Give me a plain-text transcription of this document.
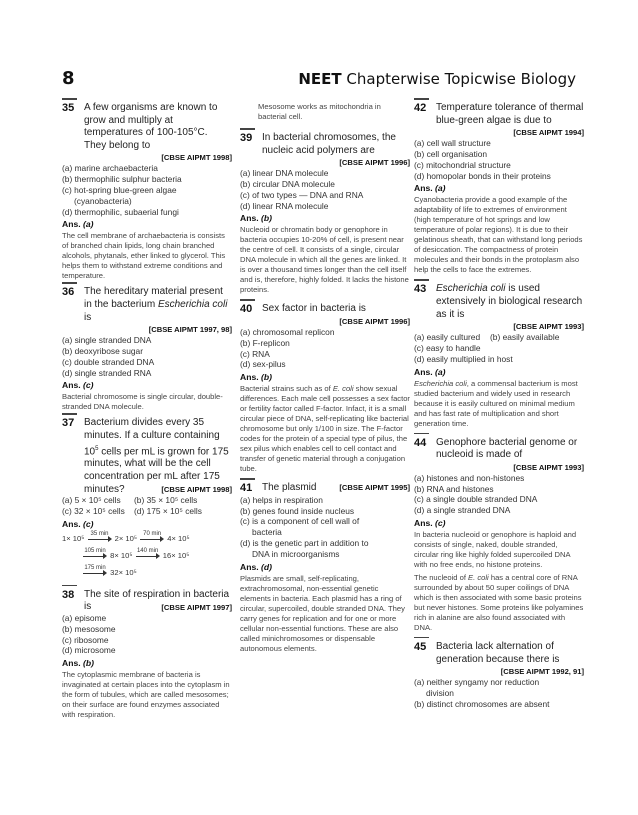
8	NEET Chapterwise Topicwise Biology
35 A few organisms are known to grow and multiply at temperatures of 100-105°C. They belong to
[CBSE AIPMT 1998]
(a) marine archaebacteria
(b) thermophilic sulphur bacteria
(c) hot-spring blue-green algae
(cyanobacteria)
(d) thermophilic, subaerial fungi
Ans. (a)
The cell membrane of archaebacteria is consists of branched chain lipids, long chain branched alcohols, phytanals, ether linked to glycerol. This helps them to withstand extreme conditions and temperature.
36 The hereditary material present in the bacterium Escherichia coli is
[CBSE AIPMT 1997, 98]
(a) single stranded DNA
(b) deoxyribose sugar
(c) double stranded DNA
(d) single stranded RNA
Ans. (c)
Bacterial chromosome is single circular, double-stranded DNA molecule.
37 Bacterium divides every 35 minutes. If a culture containing $10^5$ cells per mL is grown for 175 minutes, what will be the cell concentration per mL after 175 minutes?	[CBSE AIPMT 1998]
(a) 5 × 10⁵ cells (b) 35 × 10⁵ cells
(c) 32 × 10⁵ cells (d) 175 × 10⁵ cells
Ans. (c)
1× 10⁵	35 min 2× 10⁵	70 min 4× 10⁵
105 min 8× 10⁵ 140 min 16× 10⁵
175 min 32× 10⁵
38 The site of respiration in bacteria is	[CBSE AIPMT 1997]
(a) episome
(b) mesosome
(c) ribosome
(d) microsome
Ans. (b)
The cytoplasmic membrane of bacteria is invaginated at certain places into the cytoplasm in the form of tubules, which are called mesosomes; on their surface are found enzymes associated with respiration.
Mesosome works as mitochondria in bacterial cell.
39 In bacterial chromosomes, the nucleic acid polymers are
[CBSE AIPMT 1996]
(a) linear DNA molecule
(b) circular DNA molecule
(c) of two types — DNA and RNA
(d) linear RNA molecule
Ans. (b)
Nucleoid or chromatin body or genophore in bacteria occupies 10-20% of cell, is present near the centre of cell. It consists of a single, circular DNA molecule in which all the genes are linked. It is over a thousand times longer than the cell itself and is, therefore, highly folded. It lacks the histone proteins.
40 Sex factor in bacteria is
[CBSE AIPMT 1996]
(a) chromosomal replicon
(b) F-replicon
(c) RNA
(d) sex-pilus
Ans. (b)
Bacterial strains such as of E. coli show sexual differences. Each male cell possesses a sex factor or fertility factor called F-factor. Infact, it is a small circular piece of DNA, self-replicating like bacterial chromosome but only 1/100 in size. The F-factor codes for the protein of a special type of pilus, the sex pilus which enables cell to cell contact and transfer of genetic material through a conjugation tube.
41 The plasmid	[CBSE AIPMT 1995]
(a) helps in respiration
(b) genes found inside nucleus
(c) is a component of cell wall of
bacteria
(d) is the genetic part in addition to
DNA in microorganisms
Ans. (d)
Plasmids are small, self-replicating, extrachromosomal, non-essential genetic elements in bacteria. Each plasmid has a ring of circular, supercoiled, double stranded DNA. They carry genes for replication and for one or more cellular non-essential functions. These are also called minichromosomes or dispensable autonomous elements.
42 Temperature tolerance of thermal blue-green algae is due to
[CBSE AIPMT 1994]
(a) cell wall structure
(b) cell organisation
(c) mitochondrial structure
(d) homopolar bonds in their proteins
Ans. (a)
Cyanobacteria provide a good example of the adaptability of life to extremes of environment (high temperature of hot springs and low temperature of polar regions). It is due to their gelatinous sheath, that can withstand long periods of desiccation. The compactness of protein molecules and their bonds in the protoplasm also help the cells to face the extremes.
43 Escherichia coli is used extensively in biological research as it is
[CBSE AIPMT 1993]
(a) easily cultured (b) easily available
(c) easy to handle
(d) easily multiplied in host
Ans. (a)
Escherichia coli, a commensal bacterium is most studied bacterium and widely used in research because it is easily cultured on minimal medium and has fast rate of multiplication and short generation time.
44 Genophore bacterial genome or nucleoid is made of
[CBSE AIPMT 1993]
(a) histones and non-histones
(b) RNA and histones
(c) a single double stranded DNA
(d) a single stranded DNA
Ans. (c)
In bacteria nucleoid or genophore is haploid and consists of single, naked, double stranded, circular ring like highly folded supercoiled DNA with no free ends, no histone proteins.
The nucleoid of E. coli has a central core of RNA surrounded by about 50 super coilings of DNA which is then associated with some basic proteins but never histones. Some proteins like polyamines rich in alanine are also found associated with DNA.
45 Bacteria lack alternation of generation because there is
[CBSE AIPMT 1992, 91]
(a) neither syngamy nor reduction
division
(b) distinct chromosomes are absent
